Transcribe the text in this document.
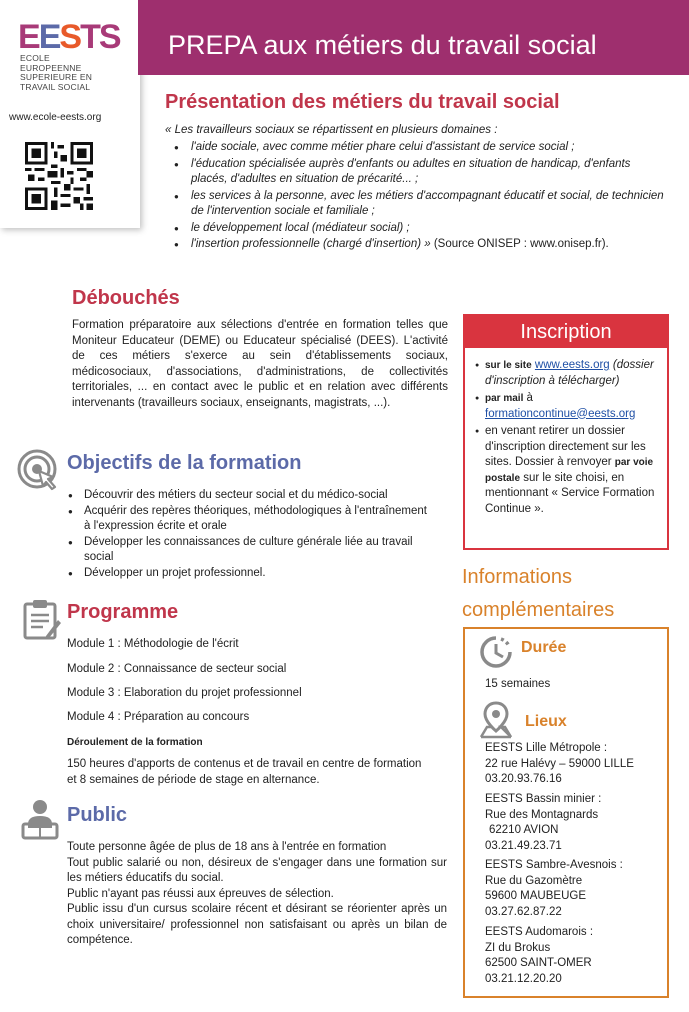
EESTS
ECOLE
EUROPEENNE
SUPERIEURE EN
TRAVAIL SOCIAL
www.ecole-eests.org
PREPA aux métiers du travail social
Présentation des métiers du travail social
« Les travailleurs sociaux se répartissent en plusieurs domaines :
● l'aide sociale, avec comme métier phare celui d'assistant de service social ;
● l'éducation spécialisée auprès d'enfants ou adultes en situation de handicap, d'enfants placés, d'adultes en situation de précarité... ;
● les services à la personne, avec les métiers d'accompagnant éducatif et social, de technicien de l'intervention sociale et familiale ;
● le développement local (médiateur social) ;
● l'insertion professionnelle (chargé d'insertion) » (Source ONISEP : www.onisep.fr).
Débouchés
Formation préparatoire aux sélections d'entrée en formation telles que Moniteur Educateur (DEME) ou Educateur spécialisé (DEES). L'activité de ces métiers s'exerce au sein d'établissements sociaux, médicosociaux, d'associations, d'administrations, de collectivités territoriales, ... en contact avec le public et en relation avec différents intervenants (travailleurs sociaux, enseignants, magistrats, ...).
Objectifs de la formation
● Découvrir des métiers du secteur social et du médico-social
● Acquérir des repères théoriques, méthodologiques à l'entraînement à l'expression écrite et orale
● Développer les connaissances de culture générale liée au travail social
● Développer un projet professionnel.
Programme
Module 1 : Méthodologie de l'écrit
Module 2 : Connaissance de secteur social
Module 3 : Elaboration du projet professionnel
Module 4 : Préparation au concours
Déroulement de la formation
150 heures d'apports de contenus et de travail en centre de formation et 8 semaines de période de stage en alternance.
Public
Toute personne âgée de plus de 18 ans à l'entrée en formation
Tout public salarié ou non, désireux de s'engager dans une formation sur les métiers éducatifs du social.
Public n'ayant pas réussi aux épreuves de sélection.
Public issu d'un cursus scolaire récent et désirant se réorienter après un choix universitaire/ professionnel non satisfaisant ou après un bilan de compétence.
Inscription
● sur le site www.eests.org (dossier d'inscription à télécharger)
● par mail à
formationcontinue@eests.org
● en venant retirer un dossier d'inscription directement sur les sites. Dossier à renvoyer par voie postale sur le site choisi, en mentionnant « Service Formation Continue ».
Informations complémentaires
Durée
15 semaines
Lieux
EESTS Lille Métropole :
22 rue Halévy – 59000 LILLE
03.20.93.76.16
EESTS Bassin minier :
Rue des Montagnards
62210 AVION
03.21.49.23.71
EESTS Sambre-Avesnois :
Rue du Gazomètre
59600 MAUBEUGE
03.27.62.87.22
EESTS Audomarois :
ZI du Brokus
62500 SAINT-OMER
03.21.12.20.20
